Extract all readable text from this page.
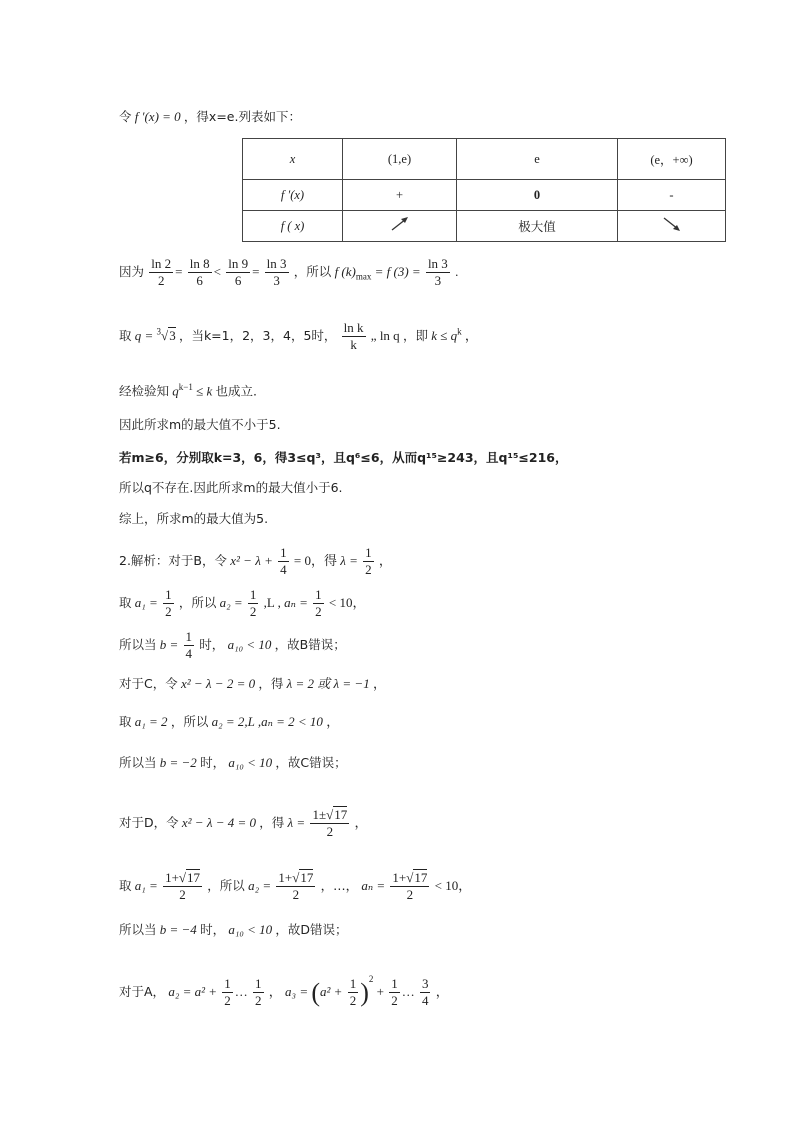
令 f ′(x) = 0 ，得x=e.列表如下：
x	(1,e)	e	(e，+∞)
f ′(x)	+	0	-
f ( x)		极大值	
因为 $\frac{\ln 2}{2} = \frac{\ln 8}{6} < \frac{\ln 9}{6} = \frac{\ln 3}{3}$ ，所以 f $(k)_{max} = f$ $(3) = \frac{\ln 3}{3}$ .
取 q = $^3$√3 ，当k=1，2，3，4，5时， $\frac{\text{ln k}}{k}$ „ ln q ，即 $k \le q^k$ ，
经检验知 $q^{k-1} \le k$ 也成立.
因此所求m的最大值不小于5.
若m≥6，分别取k=3，6，得3≤q³，且q⁶≤6，从而q¹⁵≥243，且q¹⁵≤216，
所以q不存在.因此所求m的最大值小于6.
综上，所求m的最大值为5.
2.解析：对于B，令 $x^2 - \lambda + \frac{1}{4} = 0$，得 $\lambda = \frac{1}{2}$ ，
取 $a_1 = \frac{1}{2}$ ，所以 $a_2 = \frac{1}{2} ,L$ , $a_n = \frac{1}{2} < 10$，
所以当 $b = \frac{1}{4}$ 时， a₁₀ < 10 ，故B错误；
对于C，令 x² − λ − 2 = 0 ，得 λ = 2 或 λ = −1 ，
取 a₁ = 2 ，所以 a₂ = 2,L ,aₙ = 2 < 10 ，
所以当 b = −2 时， a₁₀ < 10 ，故C错误；
对于D，令 x² − λ − 4 = 0 ，得 $\lambda = \frac{1\pm√17}{2}$ ，
取 $a_1 = \frac{1+√17}{2}$ ，所以 $a_2 = \frac{1+√17}{2}$ ，…， $a_n = \frac{1+√17}{2} < 10$，
所以当 b = −4 时， a₁₀ < 10 ，故D错误；
对于A， $a_2 = a^2 + \frac{1}{2}$ … $\frac{1}{2}$ ， $a_3 = (a^2 + \frac{1}{2} )^2 + \frac{1}{2}$ … $\frac{3}{4}$ ，
